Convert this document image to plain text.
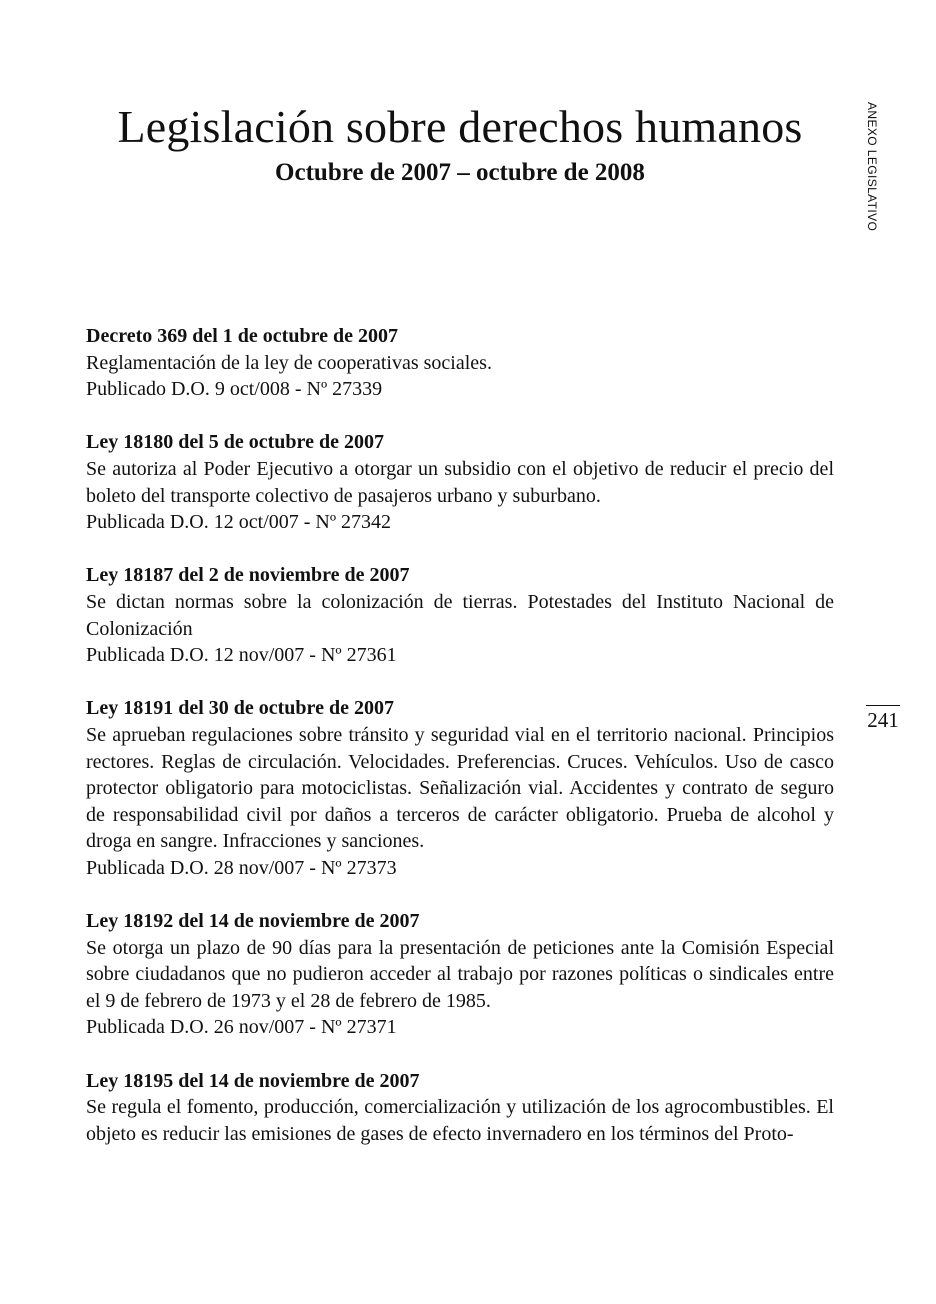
Legislación sobre derechos humanos
Octubre de 2007 – octubre de 2008	ANEXO LEGISLATIVO
241
Decreto 369 del 1 de octubre de 2007
Reglamentación de la ley de cooperativas sociales.
Publicado D.O. 9 oct/008 - Nº 27339
Ley 18180 del 5 de octubre de 2007
Se autoriza al Poder Ejecutivo a otorgar un subsidio con el objetivo de reducir el precio del boleto del transporte colectivo de pasajeros urbano y suburbano.
Publicada D.O. 12 oct/007 - Nº 27342
Ley 18187 del 2 de noviembre de 2007
Se dictan normas sobre la colonización de tierras. Potestades del Instituto Nacional de Colonización
Publicada D.O. 12 nov/007 - Nº 27361
Ley 18191 del 30 de octubre de 2007
Se aprueban regulaciones sobre tránsito y seguridad vial en el territorio nacional. Principios rectores. Reglas de circulación. Velocidades. Preferencias. Cruces. Vehículos. Uso de casco protector obligatorio para motociclistas. Señalización vial. Accidentes y contrato de seguro de responsabilidad civil por daños a terceros de carácter obligatorio. Prueba de alcohol y droga en sangre. Infracciones y sanciones.
Publicada D.O. 28 nov/007 - Nº 27373
Ley 18192 del 14 de noviembre de 2007
Se otorga un plazo de 90 días para la presentación de peticiones ante la Comisión Especial sobre ciudadanos que no pudieron acceder al trabajo por razones políticas o sindicales entre el 9 de febrero de 1973 y el 28 de febrero de 1985.
Publicada D.O. 26 nov/007 - Nº 27371
Ley 18195 del 14 de noviembre de 2007
Se regula el fomento, producción, comercialización y utilización de los agrocombustibles. El objeto es reducir las emisiones de gases de efecto invernadero en los términos del Proto-
